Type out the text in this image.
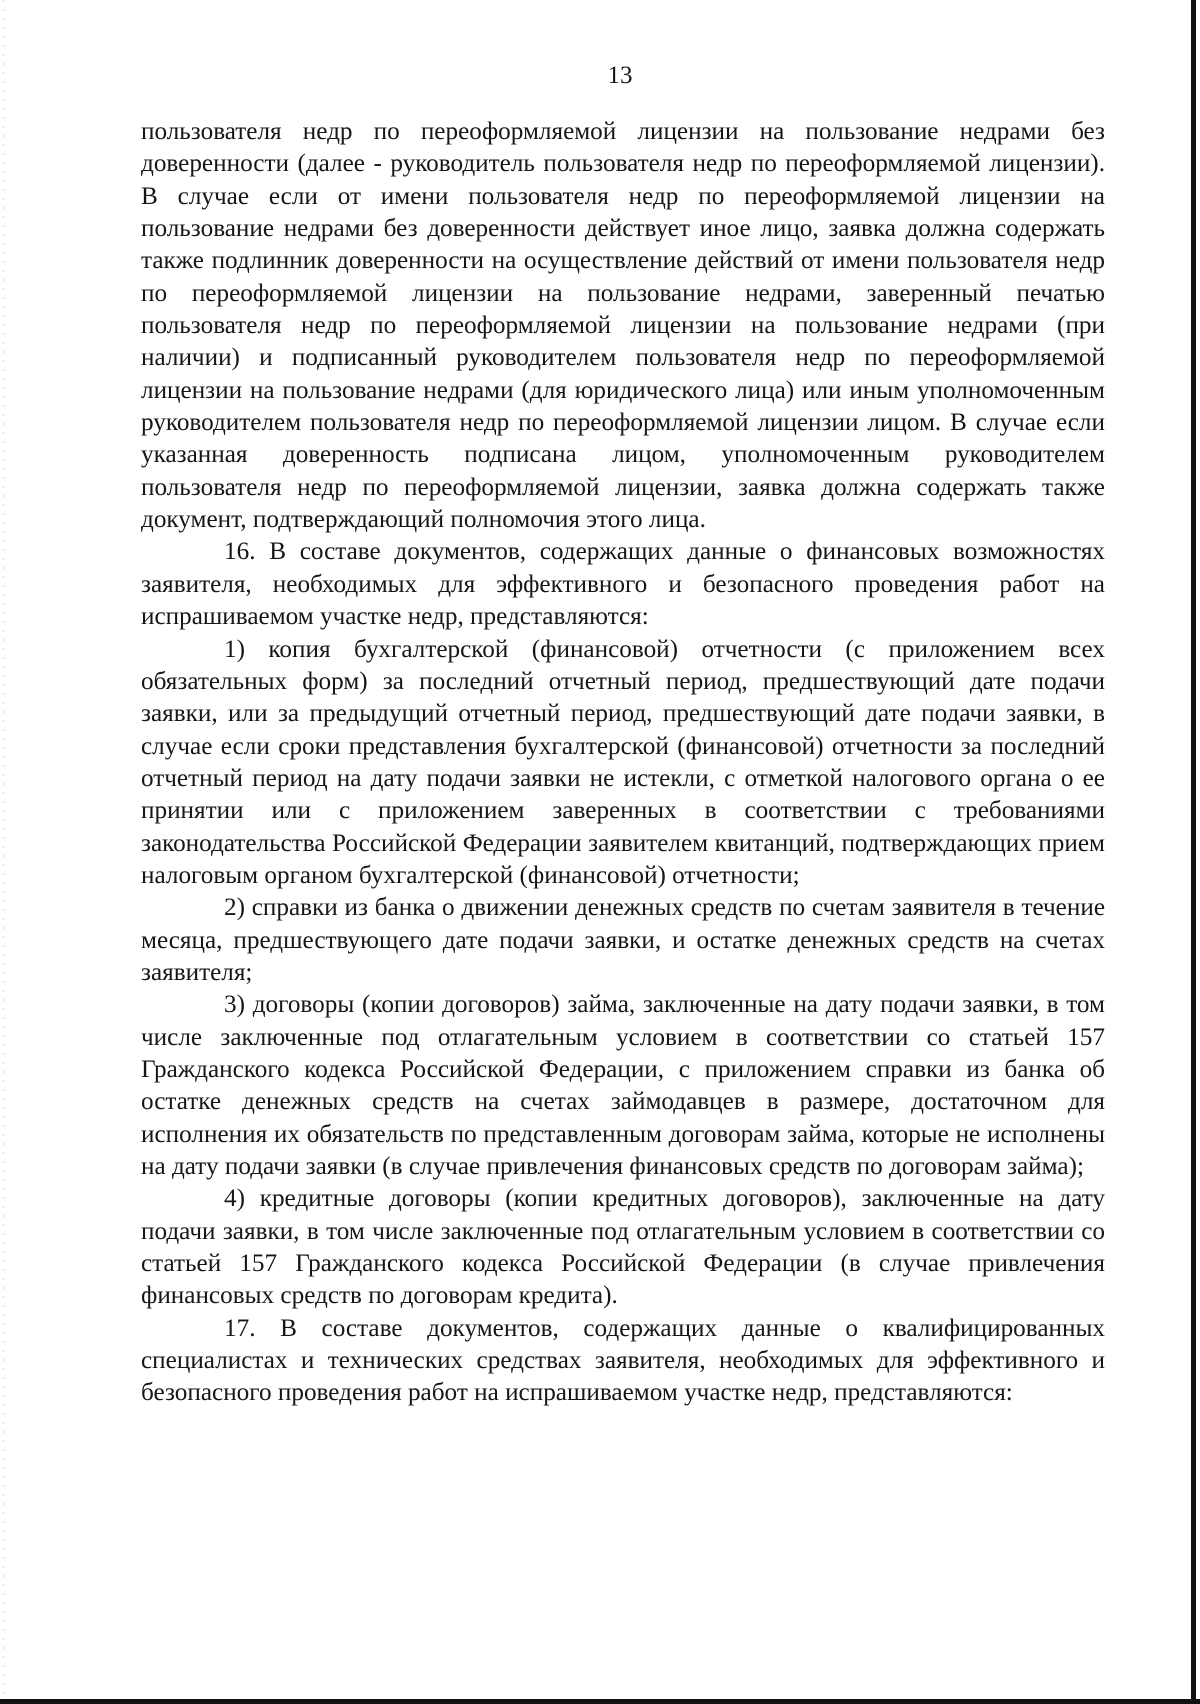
13

пользователя недр по переоформляемой лицензии на пользование недрами без доверенности (далее - руководитель пользователя недр по переоформляемой лицензии). В случае если от имени пользователя недр по переоформляемой лицензии на пользование недрами без доверенности действует иное лицо, заявка должна содержать также подлинник доверенности на осуществление действий от имени пользователя недр по переоформляемой лицензии на пользование недрами, заверенный печатью пользователя недр по переоформляемой лицензии на пользование недрами (при наличии) и подписанный руководителем пользователя недр по переоформляемой лицензии на пользование недрами (для юридического лица) или иным уполномоченным руководителем пользователя недр по переоформляемой лицензии лицом. В случае если указанная доверенность подписана лицом, уполномоченным руководителем пользователя недр по переоформляемой лицензии, заявка должна содержать также документ, подтверждающий полномочия этого лица.

16. В составе документов, содержащих данные о финансовых возможностях заявителя, необходимых для эффективного и безопасного проведения работ на испрашиваемом участке недр, представляются:

1) копия бухгалтерской (финансовой) отчетности (с приложением всех обязательных форм) за последний отчетный период, предшествующий дате подачи заявки, или за предыдущий отчетный период, предшествующий дате подачи заявки, в случае если сроки представления бухгалтерской (финансовой) отчетности за последний отчетный период на дату подачи заявки не истекли, с отметкой налогового органа о ее принятии или с приложением заверенных в соответствии с требованиями законодательства Российской Федерации заявителем квитанций, подтверждающих прием налоговым органом бухгалтерской (финансовой) отчетности;

2) справки из банка о движении денежных средств по счетам заявителя в течение месяца, предшествующего дате подачи заявки, и остатке денежных средств на счетах заявителя;

3) договоры (копии договоров) займа, заключенные на дату подачи заявки, в том числе заключенные под отлагательным условием в соответствии со статьей 157 Гражданского кодекса Российской Федерации, с приложением справки из банка об остатке денежных средств на счетах займодавцев в размере, достаточном для исполнения их обязательств по представленным договорам займа, которые не исполнены на дату подачи заявки (в случае привлечения финансовых средств по договорам займа);

4) кредитные договоры (копии кредитных договоров), заключенные на дату подачи заявки, в том числе заключенные под отлагательным условием в соответствии со статьей 157 Гражданского кодекса Российской Федерации (в случае привлечения финансовых средств по договорам кредита).

17. В составе документов, содержащих данные о квалифицированных специалистах и технических средствах заявителя, необходимых для эффективного и безопасного проведения работ на испрашиваемом участке недр, представляются:
